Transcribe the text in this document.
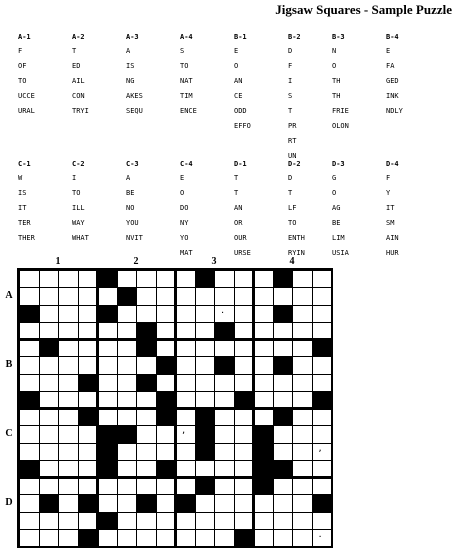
Jigsaw Squares - Sample Puzzle
A-1
F
OF
TO
UCCE
URAL
A-2
T
ED
AIL
CON
TRYI
A-3
A
IS
NG
AKES
SEQU
A-4
S
TO
NAT
TIM
ENCE
B-1
E
O
AN
CE
ODD
EFFO
B-2
D
F
I
S
T
PR
RT
UN
B-3
N
O
TH
TH
FRIE
OLON
B-4
E
FA
GED
INK
NDLY
C-1
W
IS
IT
TER
THER
C-2
I
TO
ILL
WAY
WHAT
C-3
A
BE
NO
YOU
NVIT
C-4
E
O
DO
NY
YO
MAT
D-1
T
T
AN
OR
OUR
URSE
D-2
D
T
LF
TO
ENTH
RYIN
D-3
G
O
AG
BE
LIM
USIA
D-4
F
Y
IT
SM
AIN
HUR
1	2	3	4
A
B
C
D
.
.
,
,
.
